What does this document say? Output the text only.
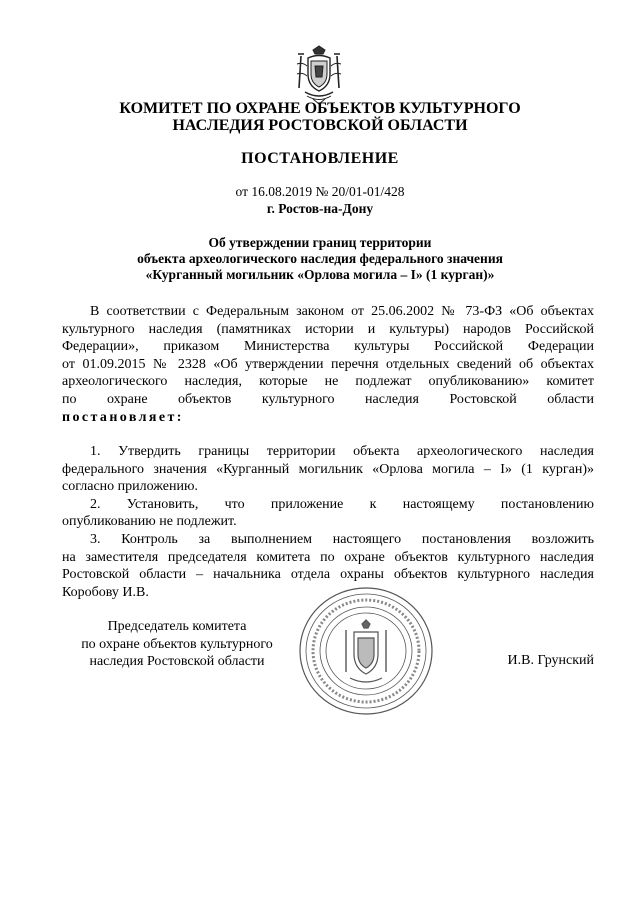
КОМИТЕТ ПО ОХРАНЕ ОБЪЕКТОВ КУЛЬТУРНОГО
НАСЛЕДИЯ РОСТОВСКОЙ ОБЛАСТИ
ПОСТАНОВЛЕНИЕ
от 16.08.2019 № 20/01-01/428
г. Ростов-на-Дону
Об утверждении границ территории
объекта археологического наследия федерального значения
«Курганный могильник «Орлова могила – I» (1 курган)»
В соответствии с Федеральным законом от 25.06.2002 № 73-ФЗ «Об объектах
культурного наследия (памятниках истории и культуры) народов Российской
Федерации», приказом Министерства культуры Российской Федерации
от 01.09.2015 № 2328 «Об утверждении перечня отдельных сведений об объектах
археологического наследия, которые не подлежат опубликованию» комитет
по охране объектов культурного наследия Ростовской области
постановляет:
1. Утвердить границы территории объекта археологического наследия
федерального значения «Курганный могильник «Орлова могила – I» (1 курган)»
согласно приложению.
2. Установить, что приложение к настоящему постановлению
опубликованию не подлежит.
3. Контроль за выполнением настоящего постановления возложить
на заместителя председателя комитета по охране объектов культурного наследия
Ростовской области – начальника отдела охраны объектов культурного наследия
Коробову И.В.
Председатель комитета
по охране объектов культурного
наследия Ростовской области	И.В. Грунский
